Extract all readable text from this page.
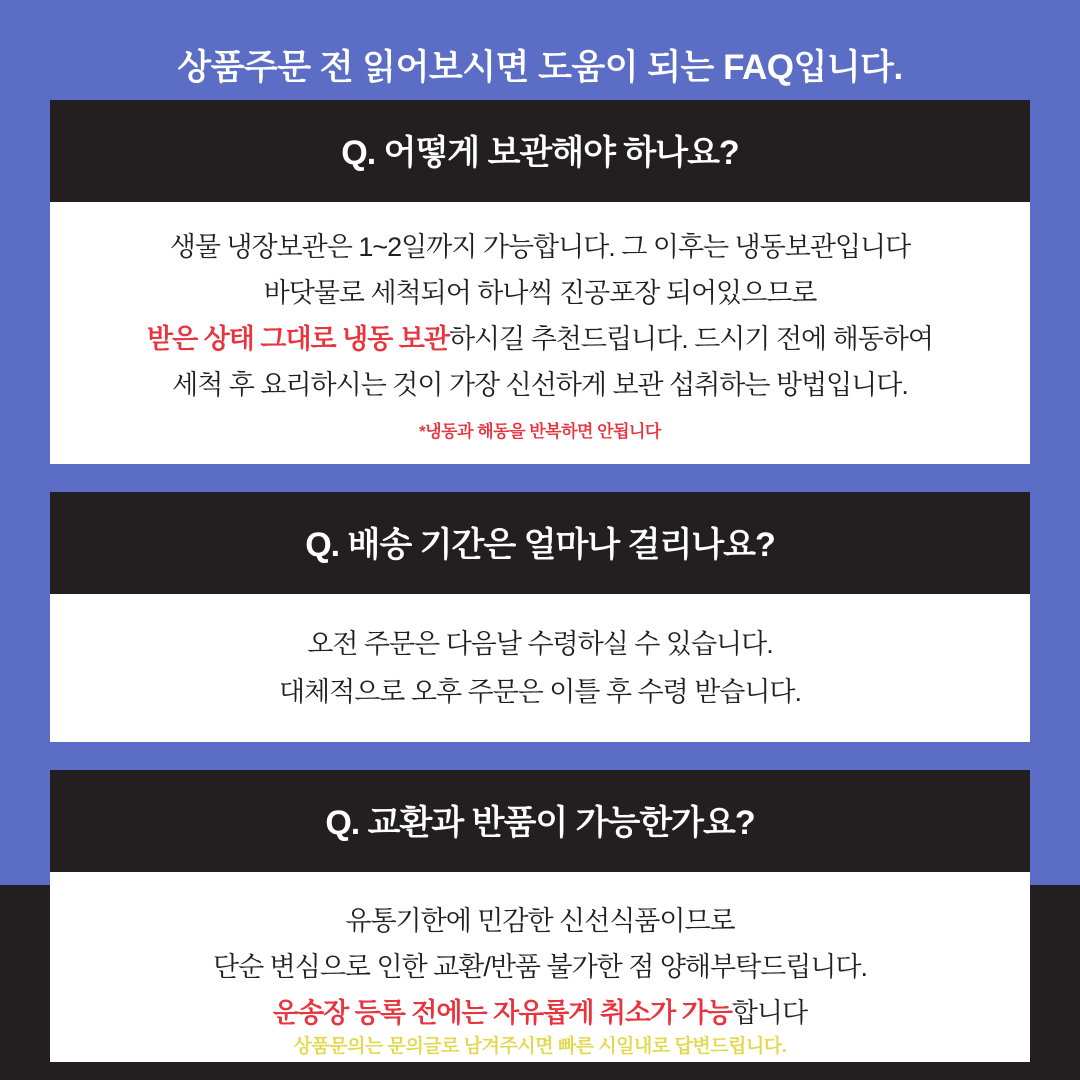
상품주문 전 읽어보시면 도움이 되는 FAQ입니다.
Q. 어떻게 보관해야 하나요?
생물 냉장보관은 1~2일까지 가능합니다. 그 이후는 냉동보관입니다
바닷물로 세척되어 하나씩 진공포장 되어있으므로
받은 상태 그대로 냉동 보관하시길 추천드립니다. 드시기 전에 해동하여
세척 후 요리하시는 것이 가장 신선하게 보관 섭취하는 방법입니다.
*냉동과 해동을 반복하면 안됩니다
Q. 배송 기간은 얼마나 걸리나요?
오전 주문은 다음날 수령하실 수 있습니다.
대체적으로 오후 주문은 이틀 후 수령 받습니다.
Q. 교환과 반품이 가능한가요?
유통기한에 민감한 신선식품이므로
단순 변심으로 인한 교환/반품 불가한 점 양해부탁드립니다.
운송장 등록 전에는 자유롭게 취소가 가능합니다
상품문의는 문의글로 남겨주시면 빠른 시일내로 답변드립니다.
